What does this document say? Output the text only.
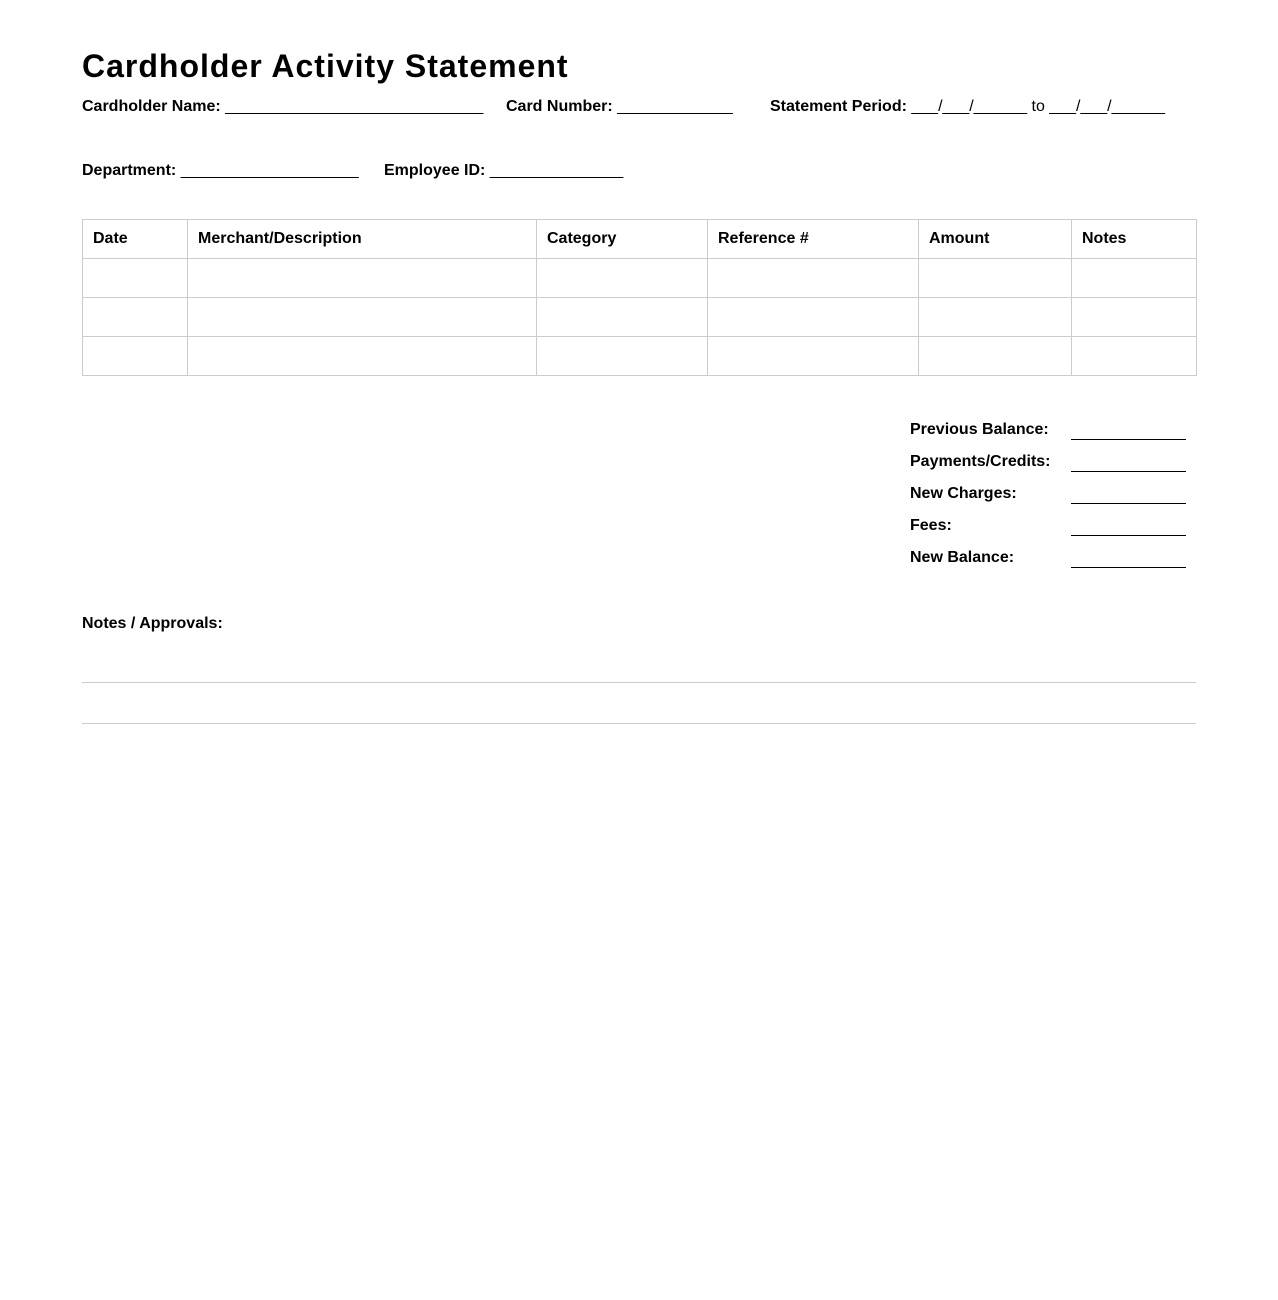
Cardholder Activity Statement
Cardholder Name: _____________________________ Card Number: _____________ Statement Period: ___/___/______ to ___/___/______
Department: ____________________ Employee ID: _______________
Date	Merchant/Description	Category	Reference #	Amount	Notes

Previous Balance:
Payments/Credits:
New Charges:
Fees:
New Balance:
Notes / Approvals:
